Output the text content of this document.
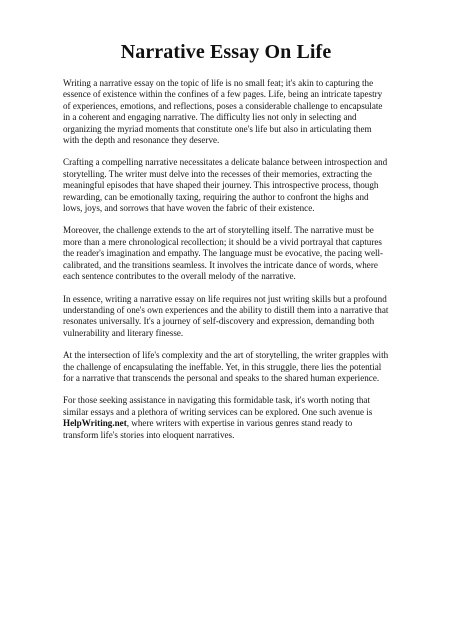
Narrative Essay On Life

Writing a narrative essay on the topic of life is no small feat; it's akin to capturing the essence of existence within the confines of a few pages. Life, being an intricate tapestry of experiences, emotions, and reflections, poses a considerable challenge to encapsulate in a coherent and engaging narrative. The difficulty lies not only in selecting and organizing the myriad moments that constitute one's life but also in articulating them with the depth and resonance they deserve.

Crafting a compelling narrative necessitates a delicate balance between introspection and storytelling. The writer must delve into the recesses of their memories, extracting the meaningful episodes that have shaped their journey. This introspective process, though rewarding, can be emotionally taxing, requiring the author to confront the highs and lows, joys, and sorrows that have woven the fabric of their existence.

Moreover, the challenge extends to the art of storytelling itself. The narrative must be more than a mere chronological recollection; it should be a vivid portrayal that captures the reader's imagination and empathy. The language must be evocative, the pacing well-calibrated, and the transitions seamless. It involves the intricate dance of words, where each sentence contributes to the overall melody of the narrative.

In essence, writing a narrative essay on life requires not just writing skills but a profound understanding of one's own experiences and the ability to distill them into a narrative that resonates universally. It's a journey of self-discovery and expression, demanding both vulnerability and literary finesse.

At the intersection of life's complexity and the art of storytelling, the writer grapples with the challenge of encapsulating the ineffable. Yet, in this struggle, there lies the potential for a narrative that transcends the personal and speaks to the shared human experience.

For those seeking assistance in navigating this formidable task, it's worth noting that similar essays and a plethora of writing services can be explored. One such avenue is HelpWriting.net, where writers with expertise in various genres stand ready to transform life's stories into eloquent narratives.
